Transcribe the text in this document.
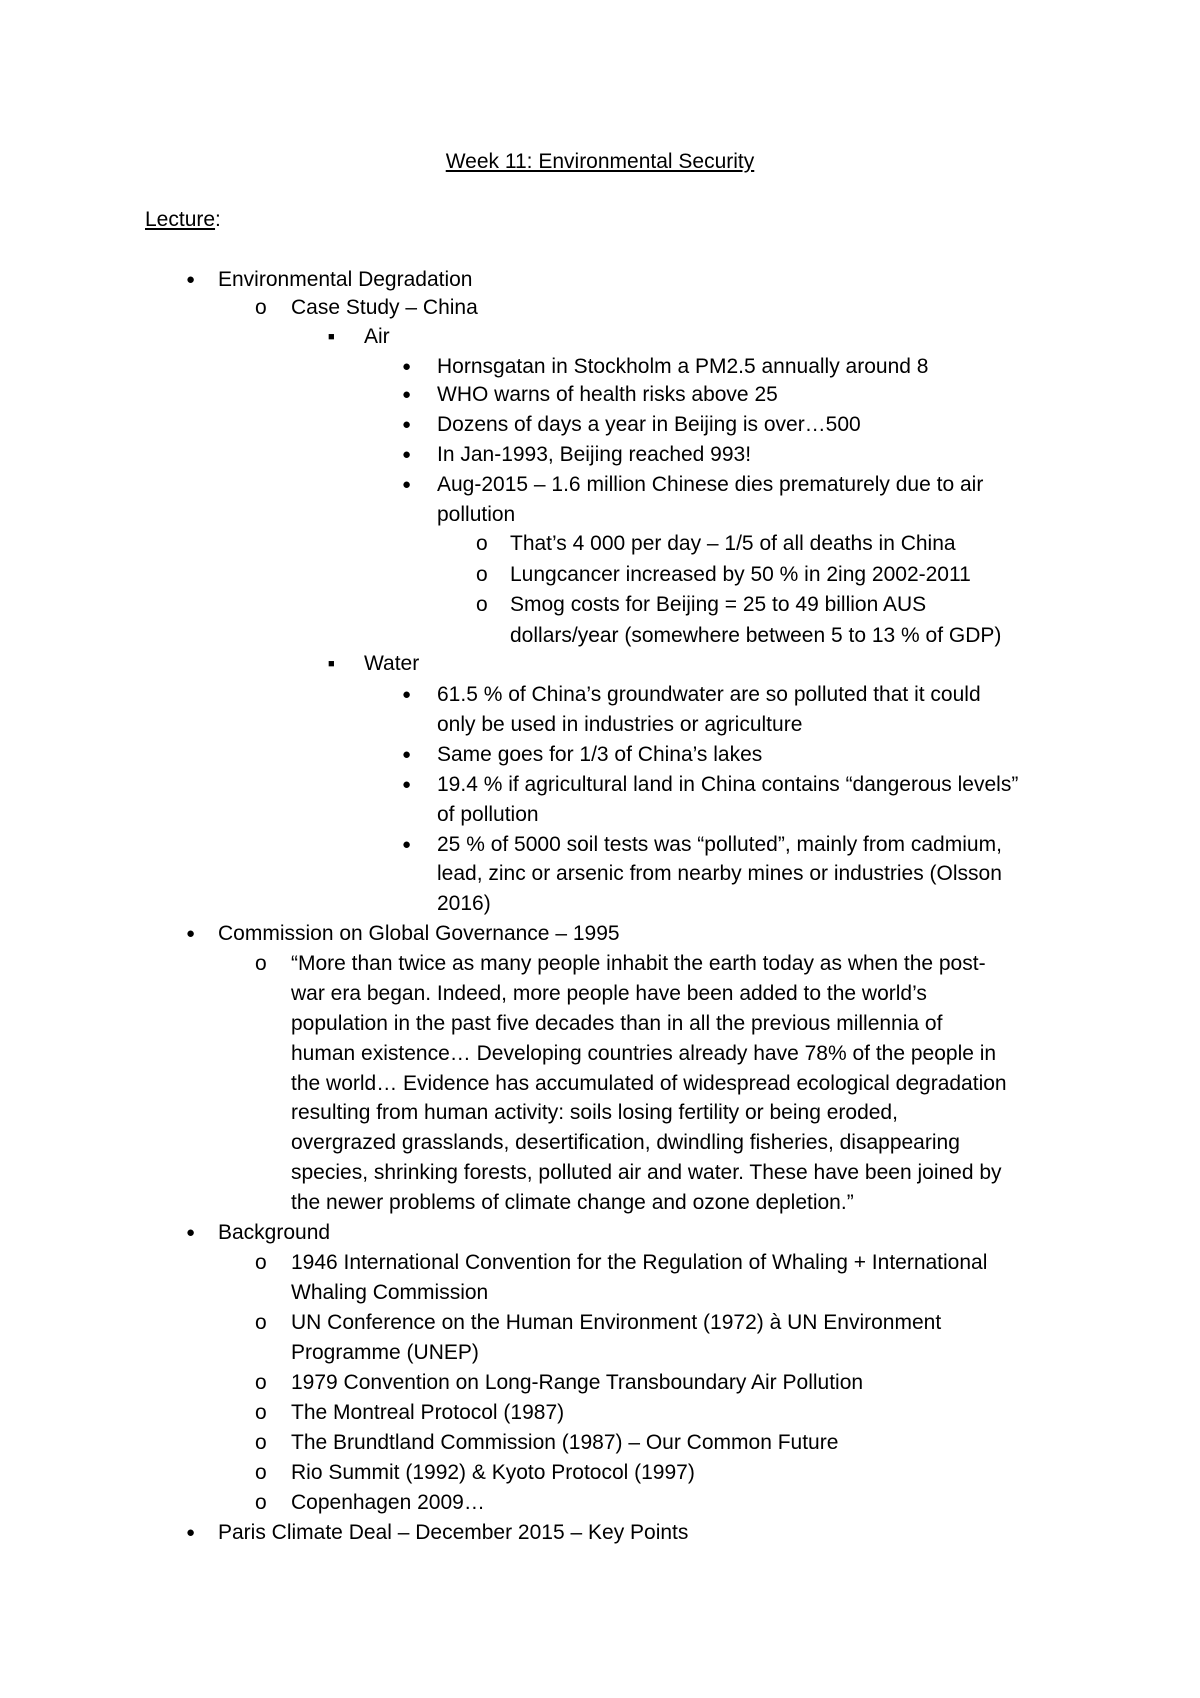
Week 11: Environmental Security
Lecture:
● Environmental Degradation
o Case Study – China
■ Air
● Hornsgatan in Stockholm a PM2.5 annually around 8
● WHO warns of health risks above 25
● Dozens of days a year in Beijing is over…500
● In Jan-1993, Beijing reached 993!
● Aug-2015 – 1.6 million Chinese dies prematurely due to air
pollution
o That’s 4 000 per day – 1/5 of all deaths in China
o Lungcancer increased by 50 % in 2ing 2002-2011
o Smog costs for Beijing = 25 to 49 billion AUS
dollars/year (somewhere between 5 to 13 % of GDP)
■ Water
● 61.5 % of China’s groundwater are so polluted that it could
only be used in industries or agriculture
● Same goes for 1/3 of China’s lakes
● 19.4 % if agricultural land in China contains “dangerous levels”
of pollution
● 25 % of 5000 soil tests was “polluted”, mainly from cadmium,
lead, zinc or arsenic from nearby mines or industries (Olsson
2016)
● Commission on Global Governance – 1995
o “More than twice as many people inhabit the earth today as when the post-
war era began. Indeed, more people have been added to the world’s
population in the past five decades than in all the previous millennia of
human existence… Developing countries already have 78% of the people in
the world… Evidence has accumulated of widespread ecological degradation
resulting from human activity: soils losing fertility or being eroded,
overgrazed grasslands, desertification, dwindling fisheries, disappearing
species, shrinking forests, polluted air and water. These have been joined by
the newer problems of climate change and ozone depletion.”
● Background
o 1946 International Convention for the Regulation of Whaling + International
Whaling Commission
o UN Conference on the Human Environment (1972) à UN Environment
Programme (UNEP)
o 1979 Convention on Long-Range Transboundary Air Pollution
o The Montreal Protocol (1987)
o The Brundtland Commission (1987) – Our Common Future
o Rio Summit (1992) & Kyoto Protocol (1997)
o Copenhagen 2009…
● Paris Climate Deal – December 2015 – Key Points
